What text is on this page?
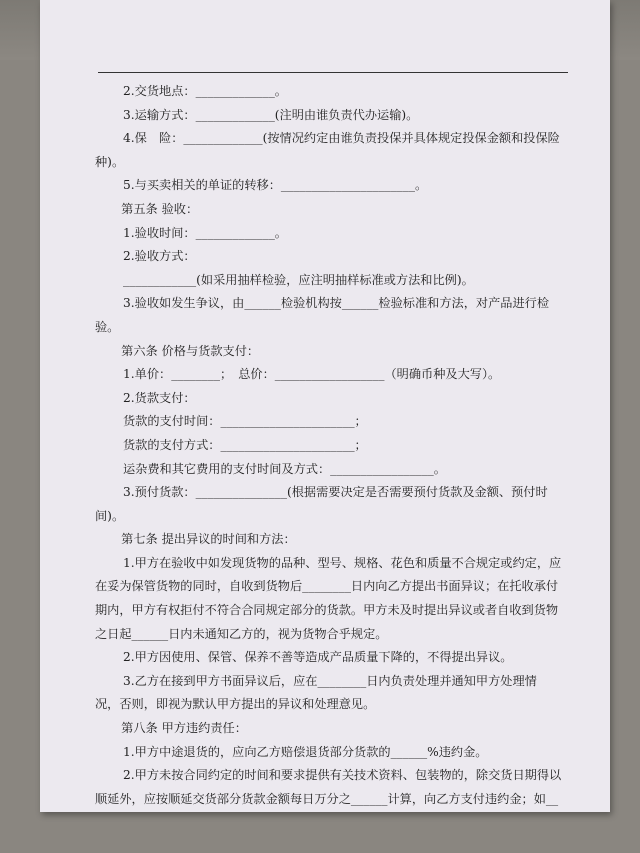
2.交货地点：_____________。

3.运输方式：_____________(注明由谁负责代办运输)。

4.保　险：_____________(按情况约定由谁负责投保并具体规定投保金额和投保险

种)。

5.与买卖相关的单证的转移：______________________。

　第五条 验收：

1.验收时间：_____________。

2.验收方式：

____________(如采用抽样检验，应注明抽样标准或方法和比例)。

3.验收如发生争议，由______检验机构按______检验标准和方法，对产品进行检

验。

　第六条 价格与货款支付：

1.单价：________；　总价：__________________（明确币种及大写）。

2.货款支付：

货款的支付时间：______________________；

货款的支付方式：______________________；

运杂费和其它费用的支付时间及方式：_________________。

3.预付货款：_______________(根据需要决定是否需要预付货款及金额、预付时

间)。

　第七条 提出异议的时间和方法：

1.甲方在验收中如发现货物的品种、型号、规格、花色和质量不合规定或约定，应

在妥为保管货物的同时，自收到货物后________日内向乙方提出书面异议；在托收承付

期内，甲方有权拒付不符合合同规定部分的货款。甲方未及时提出异议或者自收到货物

之日起______日内未通知乙方的，视为货物合乎规定。

2.甲方因使用、保管、保养不善等造成产品质量下降的，不得提出异议。

3.乙方在接到甲方书面异议后，应在________日内负责处理并通知甲方处理情

况，否则，即视为默认甲方提出的异议和处理意见。

　第八条 甲方违约责任：

1.甲方中途退货的，应向乙方赔偿退货部分货款的______%违约金。

2.甲方未按合同约定的时间和要求提供有关技术资料、包装物的，除交货日期得以

顺延外，应按顺延交货部分货款金额每日万分之______计算，向乙方支付违约金；如__
